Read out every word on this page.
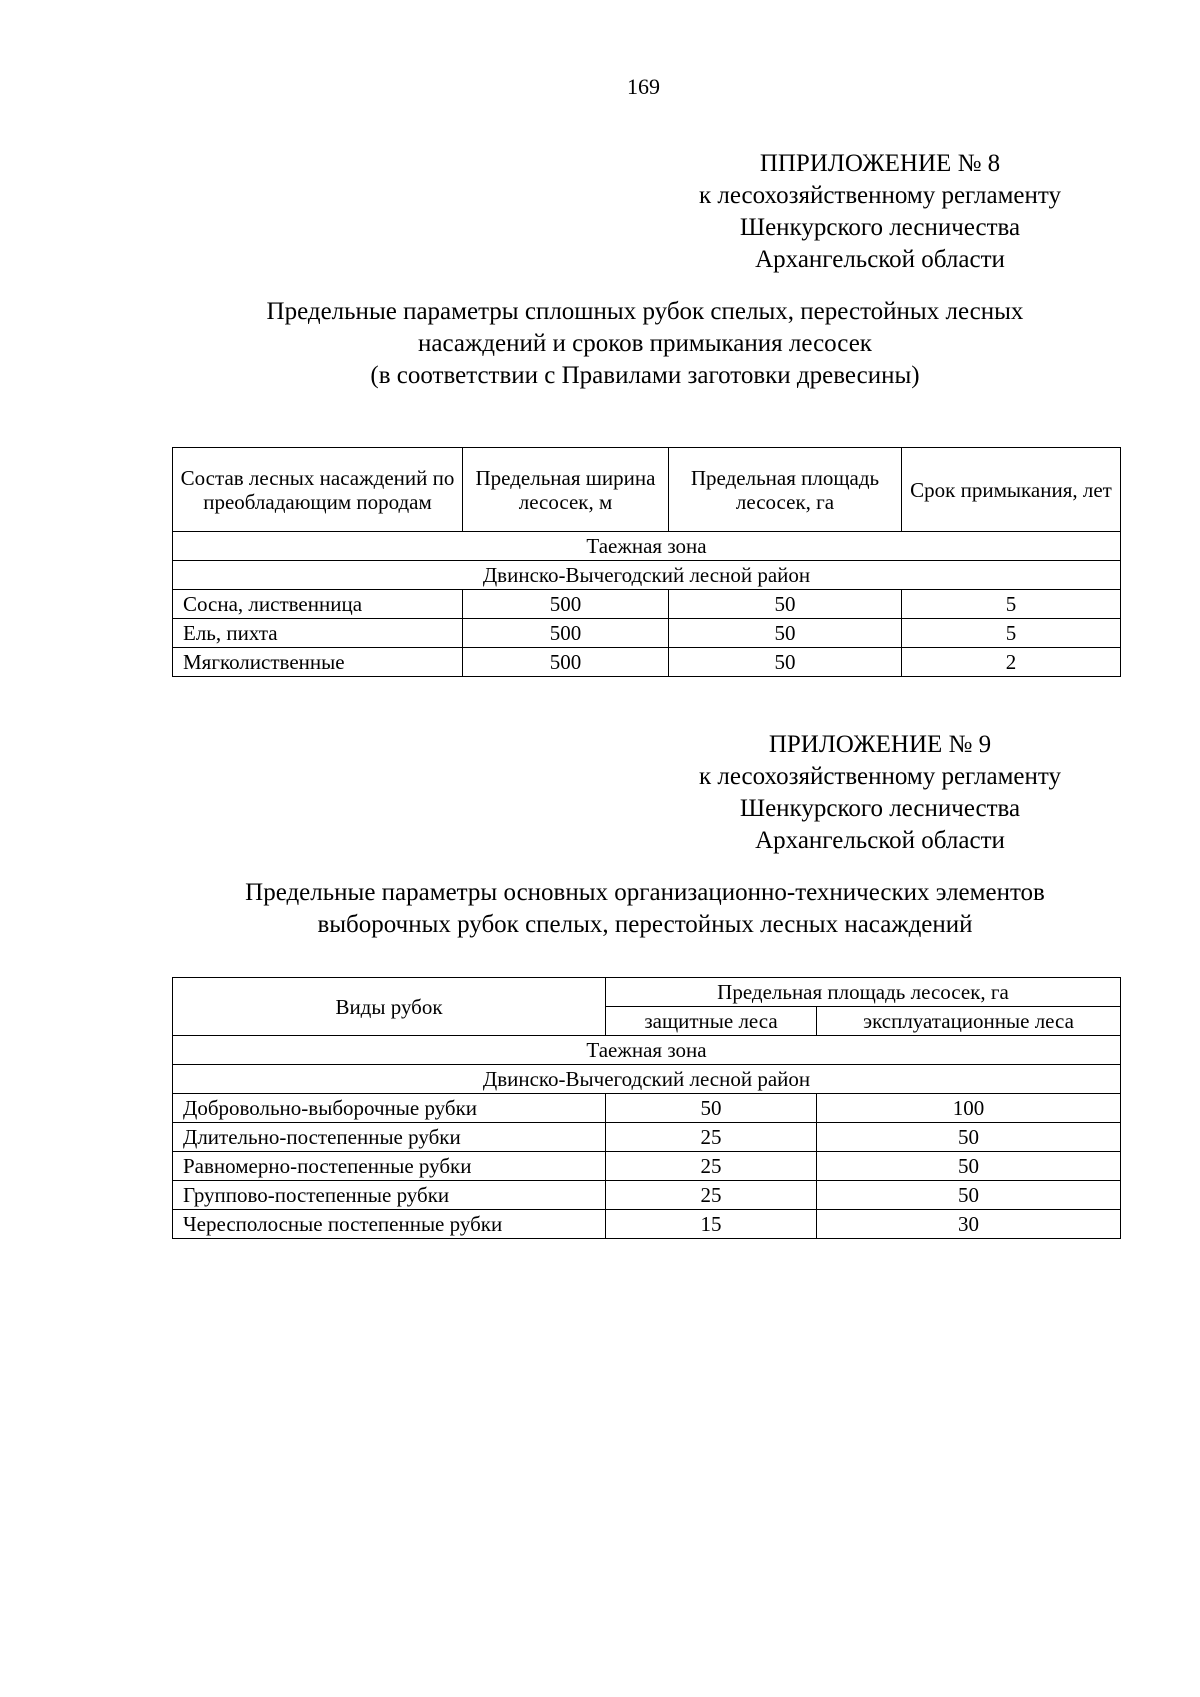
169
ППРИЛОЖЕНИЕ № 8
к лесохозяйственному регламенту
Шенкурского лесничества
Архангельской области
Предельные параметры сплошных рубок спелых, перестойных лесных
насаждений и сроков примыкания лесосек
(в соответствии с Правилами заготовки древесины)
Состав лесных насаждений по преобладающим породам	Предельная ширина лесосек, м	Предельная площадь лесосек, га	Срок примыкания, лет
Таежная зона			
Двинско-Вычегодский лесной район			
Сосна, лиственница	500	50	5
Ель, пихта	500	50	5
Мягколиственные	500	50	2
ПРИЛОЖЕНИЕ № 9
к лесохозяйственному регламенту
Шенкурского лесничества
Архангельской области
Предельные параметры основных организационно-технических элементов
выборочных рубок спелых, перестойных лесных насаждений
Виды рубок	Предельная площадь лесосек, га	
	защитные леса	эксплуатационные леса
Таежная зона		
Двинско-Вычегодский лесной район		
Добровольно-выборочные рубки	50	100
Длительно-постепенные рубки	25	50
Равномерно-постепенные рубки	25	50
Группово-постепенные рубки	25	50
Чересполосные постепенные рубки	15	30
